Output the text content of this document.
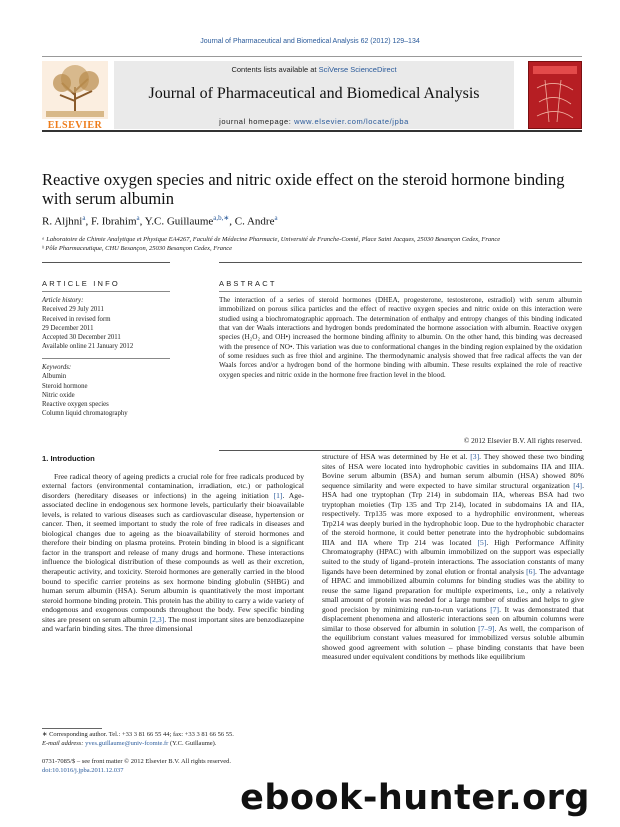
Journal of Pharmaceutical and Biomedical Analysis 62 (2012) 129–134
ELSEVIER
Contents lists available at SciVerse ScienceDirect
Journal of Pharmaceutical and Biomedical Analysis
journal homepage: www.elsevier.com/locate/jpba
Reactive oxygen species and nitric oxide effect on the steroid hormone binding with serum albumin
R. Aljhni$^a$, F. Ibrahim$^a$, Y.C. Guillaume$^{a,b,∗}$, C. Andre$^a$
ᵃ Laboratoire de Chimie Analytique et Physique EA4267, Faculté de Médecine Pharmacie, Université de Franche-Comté, Place Saint Jacques, 25030 Besançon Cedex, France
ᵇ Pôle Pharmaceutique, CHU Besançon, 25030 Besançon Cedex, France
ARTICLE INFO	ABSTRACT
Article history:
Received 29 July 2011
Received in revised form
29 December 2011
Accepted 30 December 2011
Available online 21 January 2012
Keywords:
Albumin
Steroid hormone
Nitric oxide
Reactive oxygen species
Column liquid chromatography
The interaction of a series of steroid hormones (DHEA, progesterone, testosterone, estradiol) with serum albumin immobilized on porous silica particles and the effect of reactive oxygen species and nitric oxide on this interaction were studied using a biochromatographic approach. The determination of enthalpy and entropy changes of this binding indicated that van der Waals interactions and hydrogen bonds predominated the hormone association with albumin. Reactive oxygen species (H₂O₂ and OH•) increased the hormone binding affinity to albumin. On the other hand, this binding was decreased with the presence of NO•. This variation was due to conformational changes in the binding region explained by the oxidation of some residues such as free thiol and arginine. The thermodynamic analysis showed that free radical affects the van der Waals forces and/or a hydrogen bond of the hormone binding with albumin. These results explained the role of reactive oxygen species and nitric oxide in the hormone free fraction level in the blood.
© 2012 Elsevier B.V. All rights reserved.
1. Introduction

Free radical theory of ageing predicts a crucial role for free radicals produced by external factors (environmental contamination, irradiation, etc.) or pathological disorders (hereditary diseases or infections) in the ageing initiation [1]. Age-associated decline in endogenous sex hormone levels, particularly their bioavailable levels, is related to various diseases such as cardiovascular disease, hypertension or cancer. Then, it seemed important to study the role of free radicals in diseases and biological changes due to ageing as the bioavailability of steroid hormones and therefore their binding on plasma proteins. Protein binding in blood is a significant factor in the transport and release of many drugs and hormone. These interactions influence the biological distribution of these compounds as well as their excretion, therapeutic activity, and toxicity. Steroid hormones are generally carried in the blood bound to specific carrier proteins as sex hormone binding globulin (SHBG) and human serum albumin (HSA). Serum albumin is quantitatively the most important steroid hormone binding protein. This protein has the ability to carry a wide variety of endogenous and exogenous compounds throughout the body. Few specific binding sites are present on serum albumin [2,3]. The most important sites are benzodiazepine and warfarin binding sites. The three dimensional

structure of HSA was determined by He et al. [3]. They showed these two binding sites of HSA were located into hydrophobic cavities in subdomains IIA and IIIA. Bovine serum albumin (BSA) and human serum albumin (HSA) showed 80% sequence similarity and were expected to have similar structural organization [4]. HSA had one tryptophan (Trp 214) in subdomain IIA, whereas BSA had two tryptophan moieties (Trp 135 and Trp 214), located in subdomains IA and IIA, respectively. Trp135 was more exposed to a hydrophilic environment, whereas Trp214 was deeply buried in the hydrophobic loop. Due to the hydrophobic character of the steroid hormone, it could better penetrate into the hydrophobic subdomains IIIA and IIA where Trp 214 was located [5]. High Performance Affinity Chromatography (HPAC) with albumin immobilized on the support was especially suited to the study of ligand–protein interactions. The association constants of many ligands have been determined by zonal elution or frontal analysis [6]. The advantage of HPAC and immobilized albumin columns for binding studies was the ability to reuse the same ligand preparation for multiple experiments, i.e., only a relatively small amount of protein was needed for a large number of studies and helps to give good precision by minimizing run-to-run variations [7]. It was demonstrated that displacement phenomena and allosteric interactions seen on albumin columns were similar to those observed for albumin in solution [7–9]. As well, the comparison of the equilibrium constant values measured for immobilized versus soluble albumin showed good agreement with solution – phase binding constants that have been measured under equivalent conditions by methods like equilibrium

∗ Corresponding author. Tel.: +33 3 81 66 55 44; fax: +33 3 81 66 56 55.
E-mail address: yves.guillaume@univ-fcomte.fr (Y.C. Guillaume).
0731-7085/$ – see front matter © 2012 Elsevier B.V. All rights reserved.
doi:10.1016/j.jpba.2011.12.037
ebook-hunter.org
